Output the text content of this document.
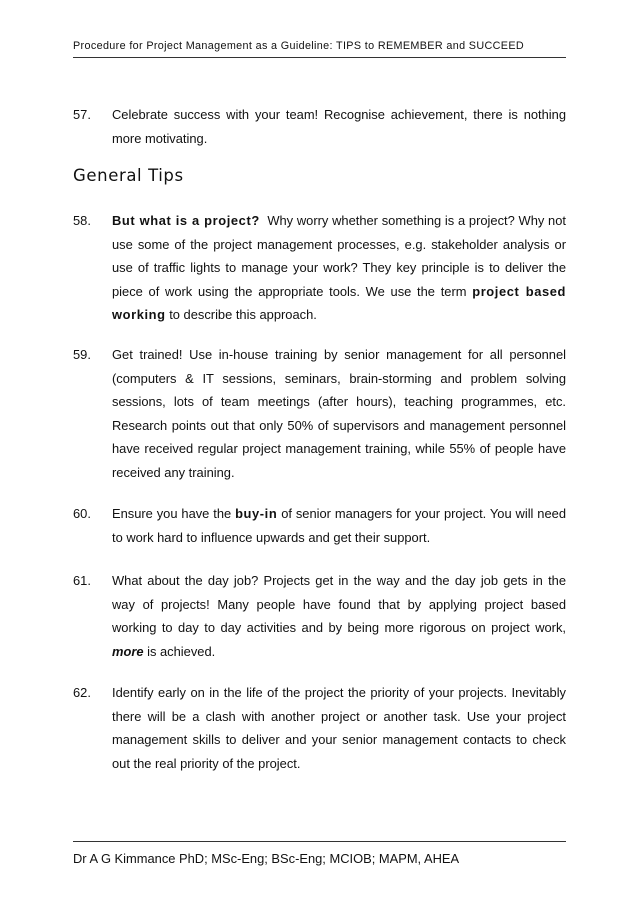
Procedure for Project Management as a Guideline: TIPS to REMEMBER and SUCCEED
57. Celebrate success with your team! Recognise achievement, there is nothing more motivating.
General Tips
58. But what is a project? Why worry whether something is a project? Why not use some of the project management processes, e.g. stakeholder analysis or use of traffic lights to manage your work? They key principle is to deliver the piece of work using the appropriate tools. We use the term project based working to describe this approach.
59. Get trained! Use in-house training by senior management for all personnel (computers & IT sessions, seminars, brain-storming and problem solving sessions, lots of team meetings (after hours), teaching programmes, etc. Research points out that only 50% of supervisors and management personnel have received regular project management training, while 55% of people have received any training.
60. Ensure you have the buy-in of senior managers for your project. You will need to work hard to influence upwards and get their support.
61. What about the day job? Projects get in the way and the day job gets in the way of projects! Many people have found that by applying project based working to day to day activities and by being more rigorous on project work, more is achieved.
62. Identify early on in the life of the project the priority of your projects. Inevitably there will be a clash with another project or another task. Use your project management skills to deliver and your senior management contacts to check out the real priority of the project.
Dr A G Kimmance PhD; MSc-Eng; BSc-Eng; MCIOB; MAPM, AHEA
